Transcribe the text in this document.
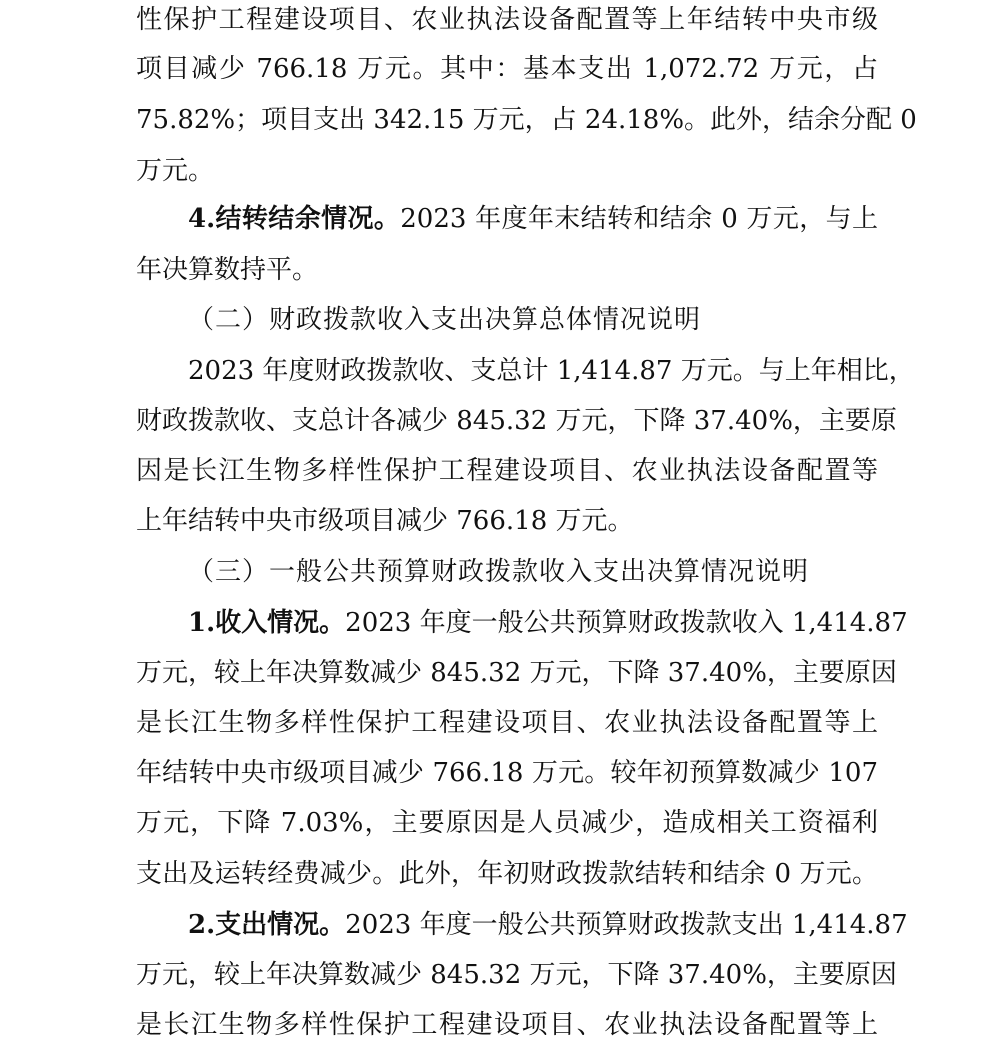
性保护工程建设项目、农业执法设备配置等上年结转中央市级
项目减少 766.18 万元。其中：基本支出 1,072.72 万元，占
75.82%；项目支出 342.15 万元，占 24.18%。此外，结余分配 0
万元。
4.结转结余情况。2023 年度年末结转和结余 0 万元，与上
年决算数持平。
（二）财政拨款收入支出决算总体情况说明
2023 年度财政拨款收、支总计 1,414.87 万元。与上年相比，
财政拨款收、支总计各减少 845.32 万元，下降 37.40%，主要原
因是长江生物多样性保护工程建设项目、农业执法设备配置等
上年结转中央市级项目减少 766.18 万元。
（三）一般公共预算财政拨款收入支出决算情况说明
1.收入情况。2023 年度一般公共预算财政拨款收入 1,414.87
万元，较上年决算数减少 845.32 万元，下降 37.40%，主要原因
是长江生物多样性保护工程建设项目、农业执法设备配置等上
年结转中央市级项目减少 766.18 万元。较年初预算数减少 107
万元，下降 7.03%，主要原因是人员减少，造成相关工资福利
支出及运转经费减少。此外，年初财政拨款结转和结余 0 万元。
2.支出情况。2023 年度一般公共预算财政拨款支出 1,414.87
万元，较上年决算数减少 845.32 万元，下降 37.40%，主要原因
是长江生物多样性保护工程建设项目、农业执法设备配置等上
